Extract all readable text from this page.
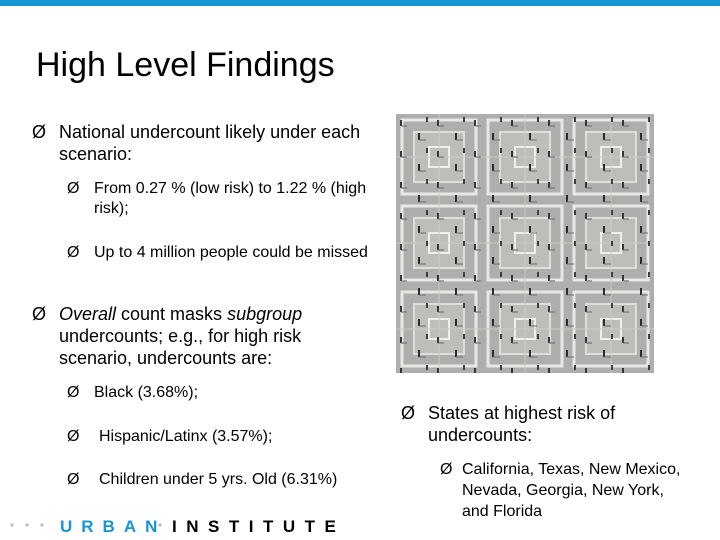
High Level Findings
Ø National undercount likely under each scenario:
Ø From 0.27 % (low risk) to 1.22 % (high risk);
Ø Up to 4 million people could be missed
Ø Overall count masks subgroup undercounts; e.g., for high risk scenario, undercounts are:
Ø Black (3.68%);
Ø Hispanic/Latinx (3.57%);
Ø Children under 5 yrs. Old (6.31%)
Ø States at highest risk of undercounts:
Ø California, Texas, New Mexico, Nevada, Georgia, New York, and Florida
URBAN INSTITUTE
